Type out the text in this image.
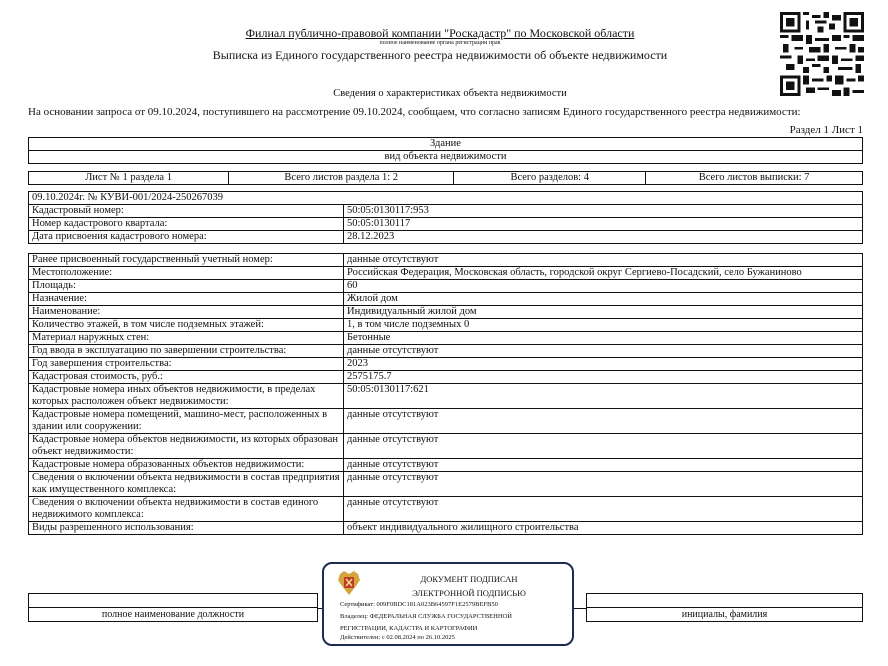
Филиал публично-правовой компании "Роскадастр" по Московской области
полное наименование органа регистрации прав
Выписка из Единого государственного реестра недвижимости об объекте недвижимости
Сведения о характеристиках объекта недвижимости
На основании запроса от 09.10.2024, поступившего на рассмотрение 09.10.2024, сообщаем, что согласно записям Единого государственного реестра недвижимости:
Раздел 1 Лист 1
Здание
вид объекта недвижимости
Лист № 1 раздела 1	Всего листов раздела 1: 2	Всего разделов: 4	Всего листов выписки: 7
09.10.2024г. № КУВИ-001/2024-250267039	
Кадастровый номер:	50:05:0130117:953
Номер кадастрового квартала:	50:05:0130117
Дата присвоения кадастрового номера:	28.12.2023
Ранее присвоенный государственный учетный номер:	данные отсутствуют
Местоположение:	Российская Федерация, Московская область, городской округ Сергиево-Посадский, село Бужаниново
Площадь:	60
Назначение:	Жилой дом
Наименование:	Индивидуальный жилой дом
Количество этажей, в том числе подземных этажей:	1, в том числе подземных 0
Материал наружных стен:	Бетонные
Год ввода в эксплуатацию по завершении строительства:	данные отсутствуют
Год завершения строительства:	2023
Кадастровая стоимость, руб.:	2575175.7
Кадастровые номера иных объектов недвижимости, в пределах которых расположен объект недвижимости:	50:05:0130117:621
Кадастровые номера помещений, машино-мест, расположенных в здании или сооружении:	данные отсутствуют
Кадастровые номера объектов недвижимости, из которых образован объект недвижимости:	данные отсутствуют
Кадастровые номера образованных объектов недвижимости:	данные отсутствуют
Сведения о включении объекта недвижимости в состав предприятия как имущественного комплекса:	данные отсутствуют
Сведения о включении объекта недвижимости в состав единого недвижимого комплекса:	данные отсутствуют
Виды разрешенного использования:	объект индивидуального жилищного строительства

полное наименование должности	инициалы, фамилия
ДОКУМЕНТ ПОДПИСАН
ЭЛЕКТРОННОЙ ПОДПИСЬЮ
Сертификат: 009F0BDC181A023B64597F1E2579BEFB50
Владелец: ФЕДЕРАЛЬНАЯ СЛУЖБА ГОСУДАРСТВЕННОЙ
РЕГИСТРАЦИИ, КАДАСТРА И КАРТОГРАФИИ
Действителен: с 02.08.2024 по 26.10.2025
